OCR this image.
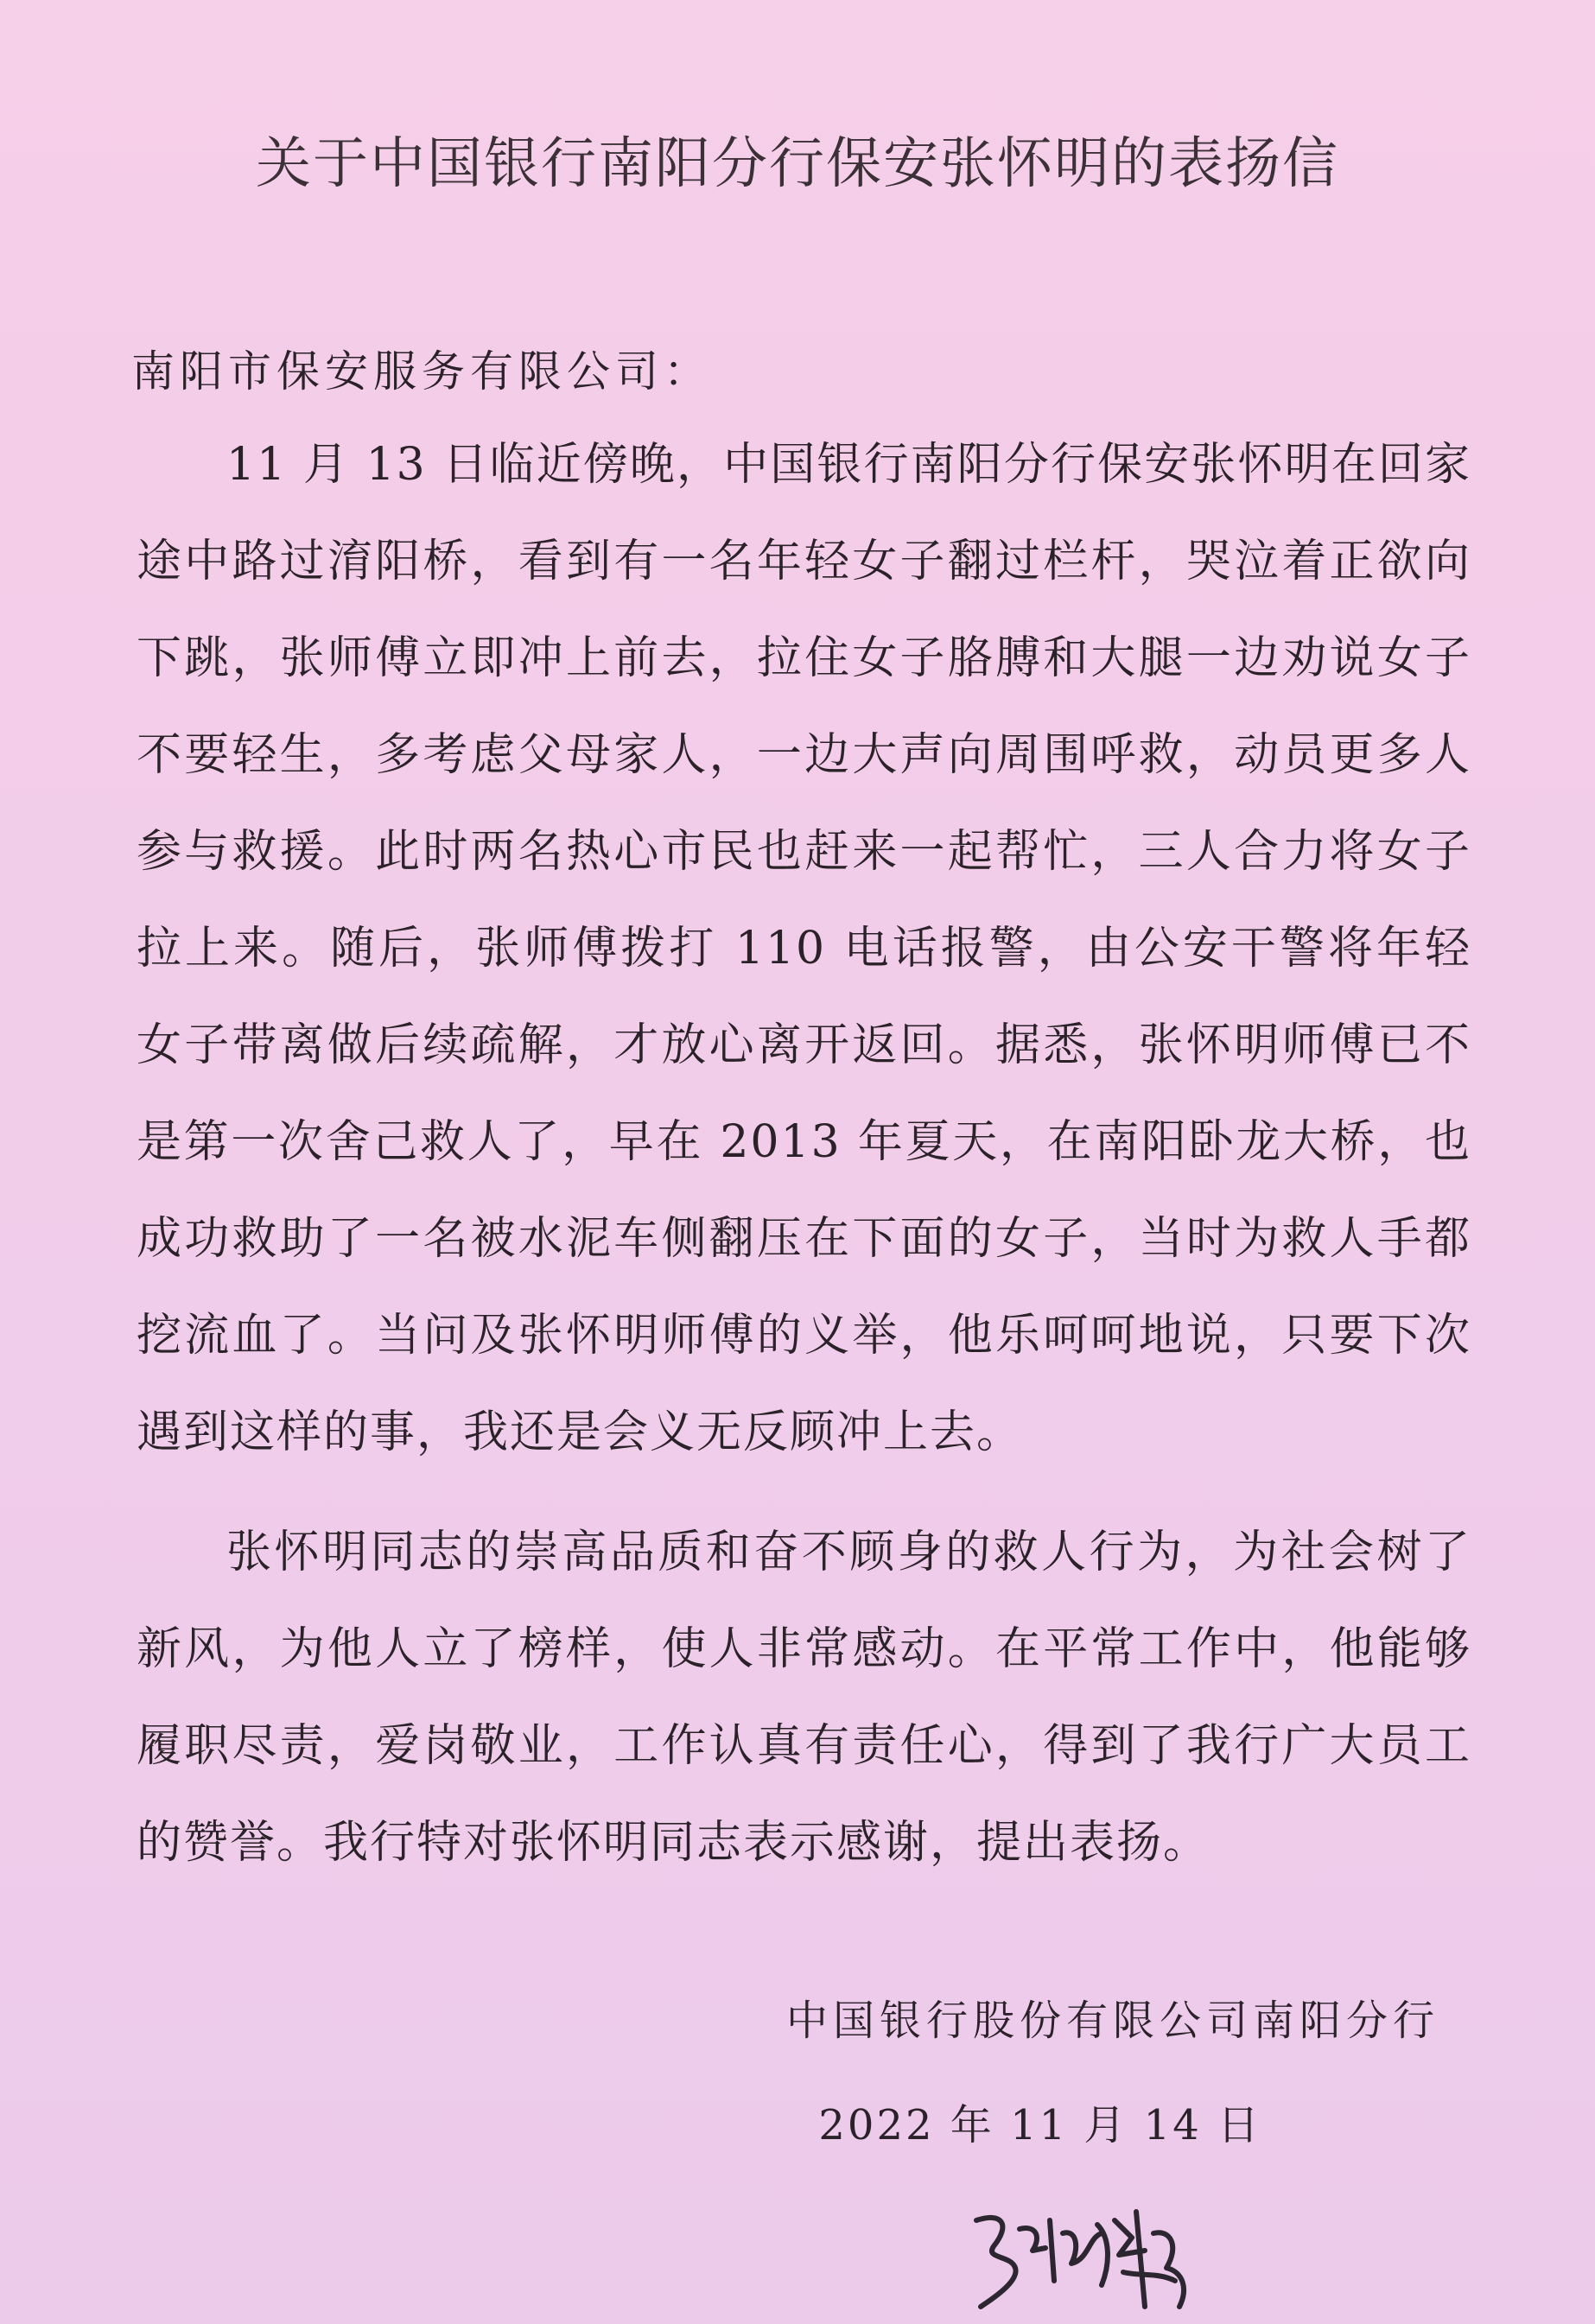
关于中国银行南阳分行保安张怀明的表扬信
南阳市保安服务有限公司：
11 月 13 日临近傍晚，中国银行南阳分行保安张怀明在回家途中路过淯阳桥，看到有一名年轻女子翻过栏杆，哭泣着正欲向下跳，张师傅立即冲上前去，拉住女子胳膊和大腿一边劝说女子不要轻生，多考虑父母家人，一边大声向周围呼救，动员更多人参与救援。此时两名热心市民也赶来一起帮忙，三人合力将女子拉上来。随后，张师傅拨打 110 电话报警，由公安干警将年轻女子带离做后续疏解，才放心离开返回。据悉，张怀明师傅已不是第一次舍己救人了，早在 2013 年夏天，在南阳卧龙大桥，也成功救助了一名被水泥车侧翻压在下面的女子，当时为救人手都挖流血了。当问及张怀明师傅的义举，他乐呵呵地说，只要下次遇到这样的事，我还是会义无反顾冲上去。
张怀明同志的崇高品质和奋不顾身的救人行为，为社会树了新风，为他人立了榜样，使人非常感动。在平常工作中，他能够履职尽责，爱岗敬业，工作认真有责任心，得到了我行广大员工的赞誉。我行特对张怀明同志表示感谢，提出表扬。
中国银行股份有限公司南阳分行
2022 年 11 月 14 日
